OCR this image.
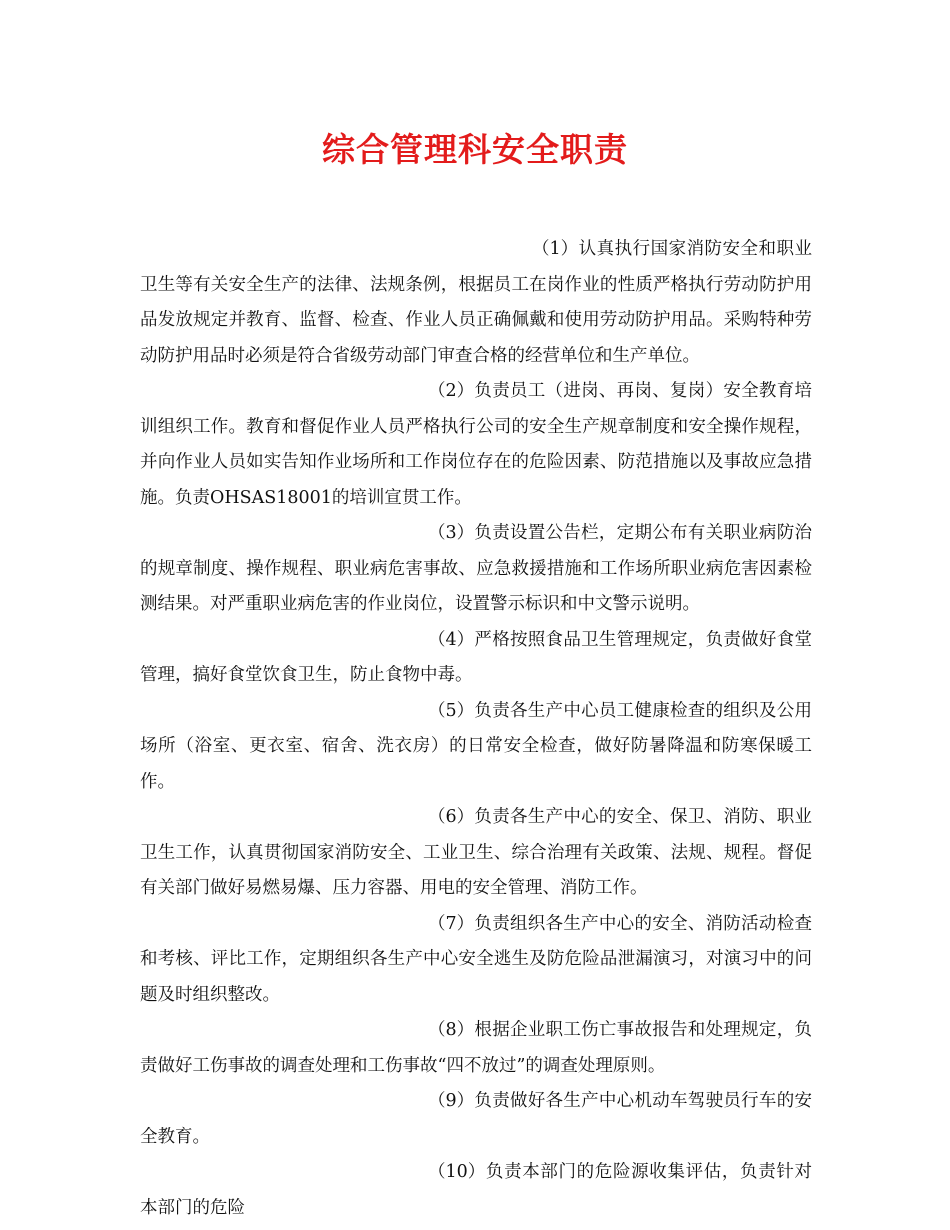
综合管理科安全职责

（1）认真执行国家消防安全和职业卫生等有关安全生产的法律、法规条例，根据员工在岗作业的性质严格执行劳动防护用品发放规定并教育、监督、检查、作业人员正确佩戴和使用劳动防护用品。采购特种劳动防护用品时必须是符合省级劳动部门审查合格的经营单位和生产单位。

（2）负责员工（进岗、再岗、复岗）安全教育培训组织工作。教育和督促作业人员严格执行公司的安全生产规章制度和安全操作规程，并向作业人员如实告知作业场所和工作岗位存在的危险因素、防范措施以及事故应急措施。负责OHSAS18001的培训宣贯工作。

（3）负责设置公告栏，定期公布有关职业病防治的规章制度、操作规程、职业病危害事故、应急救援措施和工作场所职业病危害因素检测结果。对严重职业病危害的作业岗位，设置警示标识和中文警示说明。

（4）严格按照食品卫生管理规定，负责做好食堂管理，搞好食堂饮食卫生，防止食物中毒。

（5）负责各生产中心员工健康检查的组织及公用场所（浴室、更衣室、宿舍、洗衣房）的日常安全检查，做好防暑降温和防寒保暖工作。

（6）负责各生产中心的安全、保卫、消防、职业卫生工作，认真贯彻国家消防安全、工业卫生、综合治理有关政策、法规、规程。督促有关部门做好易燃易爆、压力容器、用电的安全管理、消防工作。

（7）负责组织各生产中心的安全、消防活动检查和考核、评比工作，定期组织各生产中心安全逃生及防危险品泄漏演习，对演习中的问题及时组织整改。

（8）根据企业职工伤亡事故报告和处理规定，负责做好工伤事故的调查处理和工伤事故“四不放过”的调查处理原则。

（9）负责做好各生产中心机动车驾驶员行车的安全教育。

（10）负责本部门的危险源收集评估，负责针对本部门的危险
